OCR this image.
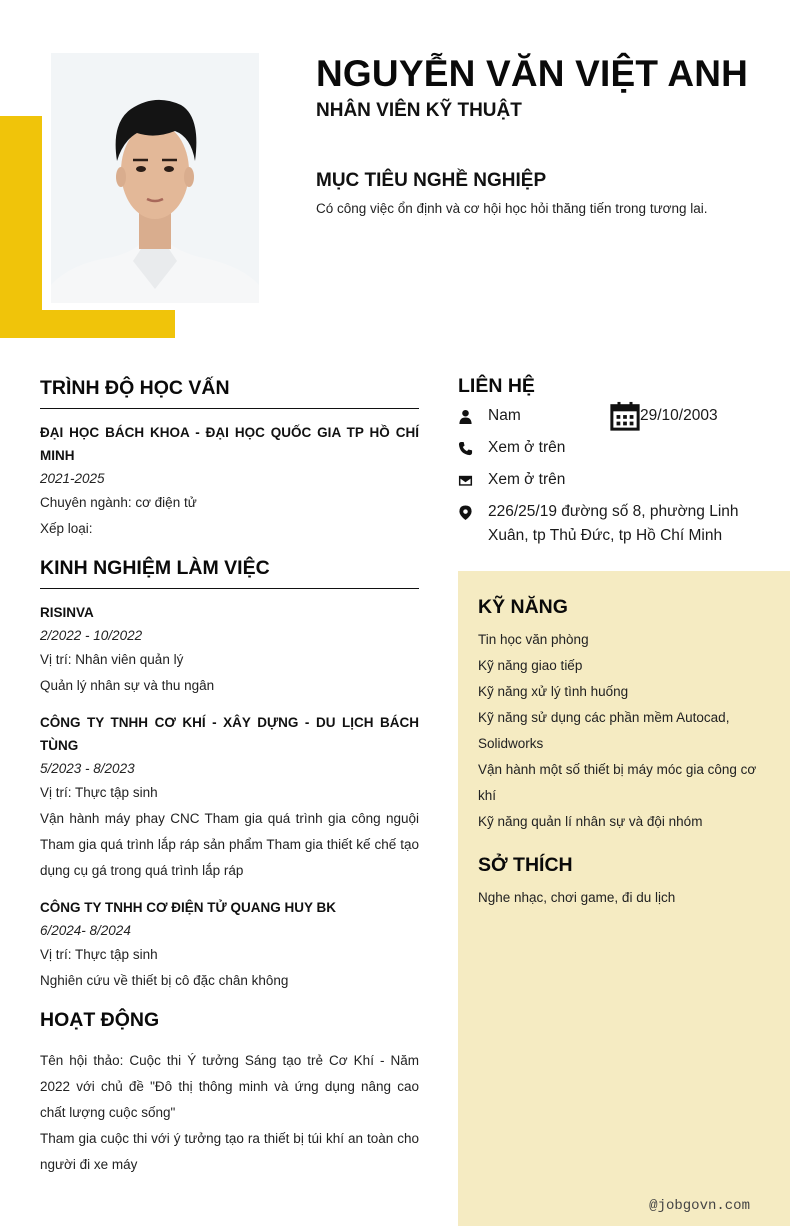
NGUYỄN VĂN VIỆT ANH
NHÂN VIÊN KỸ THUẬT
MỤC TIÊU NGHỀ NGHIỆP
Có công việc ổn định và cơ hội học hỏi thăng tiến trong tương lai.
TRÌNH ĐỘ HỌC VẤN
ĐẠI HỌC BÁCH KHOA - ĐẠI HỌC QUỐC GIA TP HỒ CHÍ MINH
2021-2025
Chuyên ngành: cơ điện tử
Xếp loại:
KINH NGHIỆM LÀM VIỆC
RISINVA
2/2022 - 10/2022
Vị trí: Nhân viên quản lý
Quản lý nhân sự và thu ngân
CÔNG TY TNHH CƠ KHÍ - XÂY DỰNG - DU LỊCH BÁCH TÙNG
5/2023 - 8/2023
Vị trí: Thực tập sinh
Vận hành máy phay CNC Tham gia quá trình gia công nguội Tham gia quá trình lắp ráp sản phẩm Tham gia thiết kế chế tạo dụng cụ gá trong quá trình lắp ráp
CÔNG TY TNHH CƠ ĐIỆN TỬ QUANG HUY BK
6/2024- 8/2024
Vị trí: Thực tập sinh
Nghiên cứu về thiết bị cô đặc chân không
HOẠT ĐỘNG
Tên hội thảo: Cuộc thi Ý tưởng Sáng tạo trẻ Cơ Khí - Năm 2022 với chủ đề "Đô thị thông minh và ứng dụng nâng cao chất lượng cuộc sống"
Tham gia cuộc thi với ý tưởng tạo ra thiết bị túi khí an toàn cho người đi xe máy
LIÊN HỆ
Nam	29/10/2003
Xem ở trên
Xem ở trên
226/25/19 đường số 8, phường Linh Xuân, tp Thủ Đức, tp Hồ Chí Minh
KỸ NĂNG
Tin học văn phòng
Kỹ năng giao tiếp
Kỹ năng xử lý tình huống
Kỹ năng sử dụng các phần mềm Autocad, Solidworks
Vận hành một số thiết bị máy móc gia công cơ khí
Kỹ năng quản lí nhân sự và đội nhóm
SỞ THÍCH
Nghe nhạc, chơi game, đi du lịch
@jobgovn.com
